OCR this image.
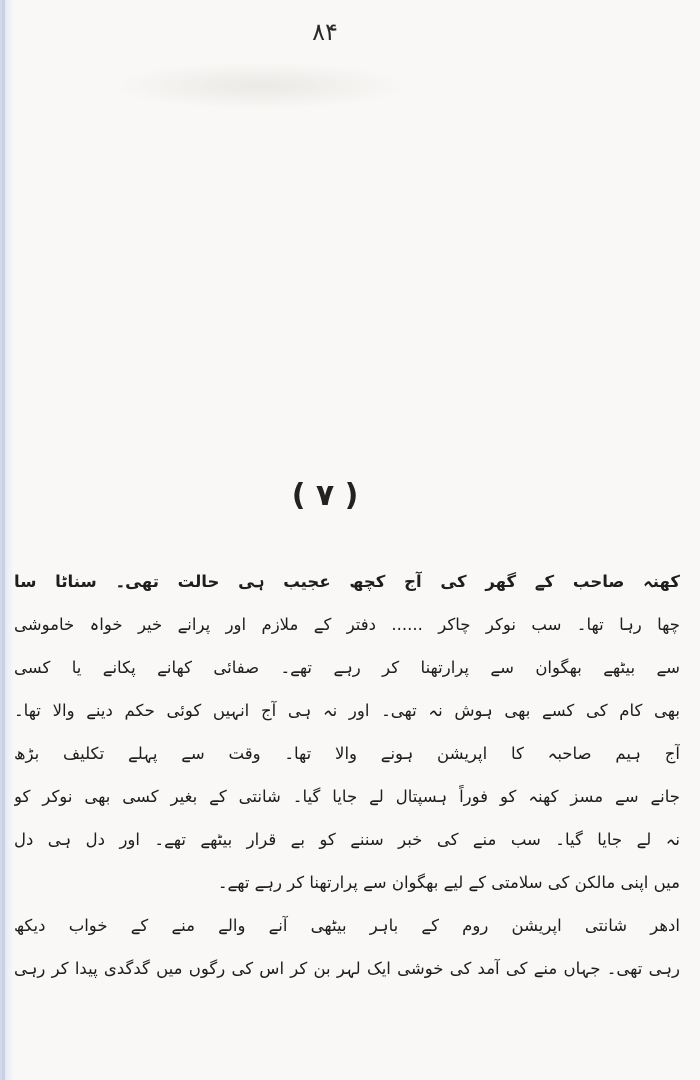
۸۴
( ۷ )
کھنہ صاحب کے گھر کی آج کچھ عجیب ہی حالت تھی۔ سناٹا سا
چھا رہا تھا۔ سب نوکر چاکر ...... دفتر کے ملازم اور پرانے خیر خواہ خاموشی
سے بیٹھے بھگوان سے پرارتھنا کر رہے تھے۔ صفائی کھانے پکانے یا کسی
بھی کام کی کسے بھی ہوش نہ تھی۔ اور نہ ہی آج انہیں کوئی حکم دینے والا تھا۔
آج ہیم صاحبہ کا اپریشن ہونے والا تھا۔ وقت سے پہلے تکلیف بڑھ
جانے سے مسز کھنہ کو فوراً ہسپتال لے جایا گیا۔ شانتی کے بغیر کسی بھی نوکر کو
نہ لے جایا گیا۔ سب منے کی خبر سننے کو بے قرار بیٹھے تھے۔ اور دل ہی دل
میں اپنی مالکن کی سلامتی کے لیے بھگوان سے پرارتھنا کر رہے تھے۔
ادھر شانتی اپریشن روم کے باہر بیٹھی آنے والے منے کے خواب دیکھ
رہی تھی۔ جہاں منے کی آمد کی خوشی ایک لہر بن کر اس کی رگوں میں گدگدی پیدا کر رہی
